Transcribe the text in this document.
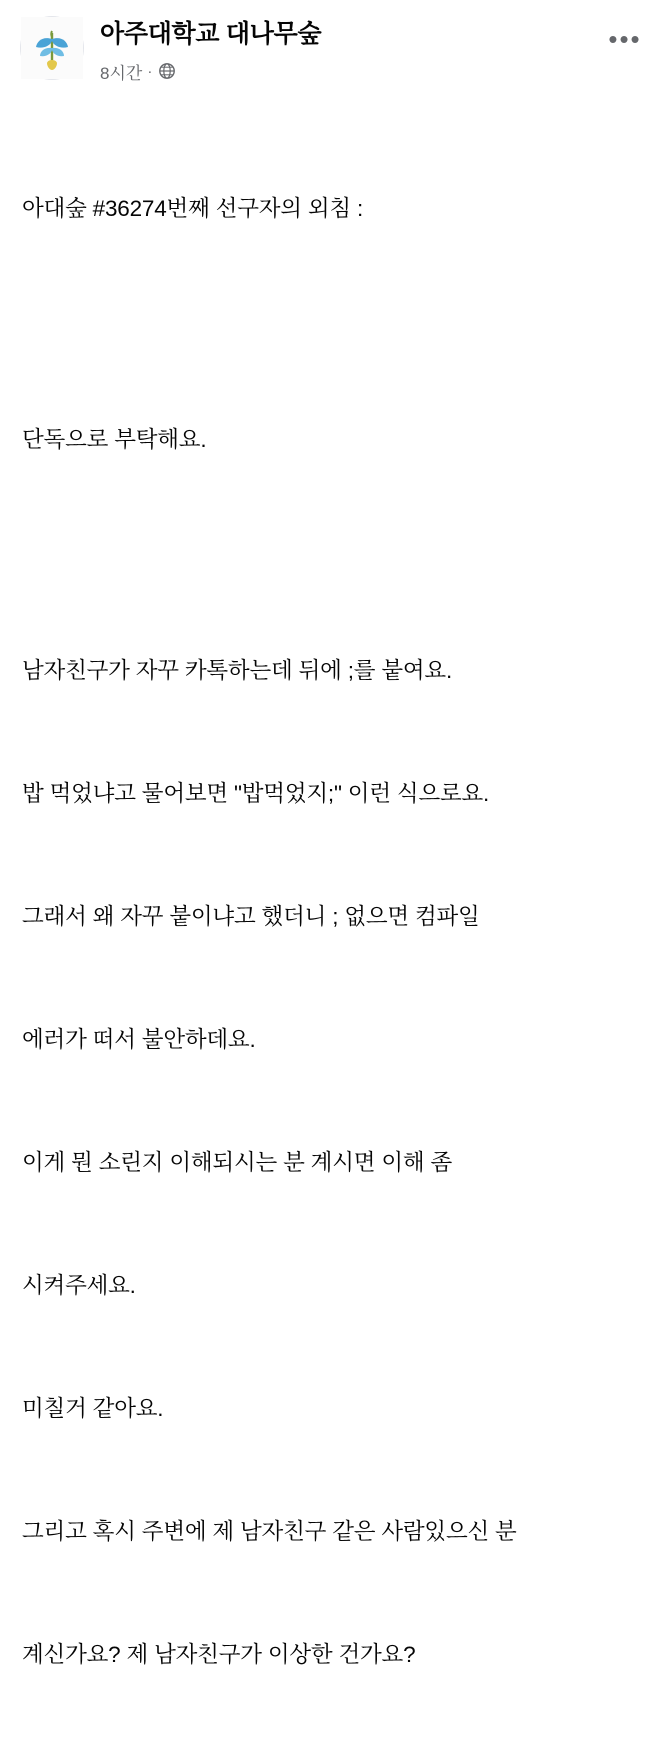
아주대학교 대나무숲
8시간 ·
•••

아대숲 #36274번째 선구자의 외침 :

단독으로 부탁해요.

남자친구가 자꾸 카톡하는데 뒤에 ;를 붙여요.

밥 먹었냐고 물어보면 "밥먹었지;" 이런 식으로요.

그래서 왜 자꾸 붙이냐고 했더니 ; 없으면 컴파일

에러가 떠서 불안하데요.

이게 뭔 소린지 이해되시는 분 계시면 이해 좀

시켜주세요.

미칠거 같아요.

그리고 혹시 주변에 제 남자친구 같은 사람있으신 분

계신가요? 제 남자친구가 이상한 건가요?
